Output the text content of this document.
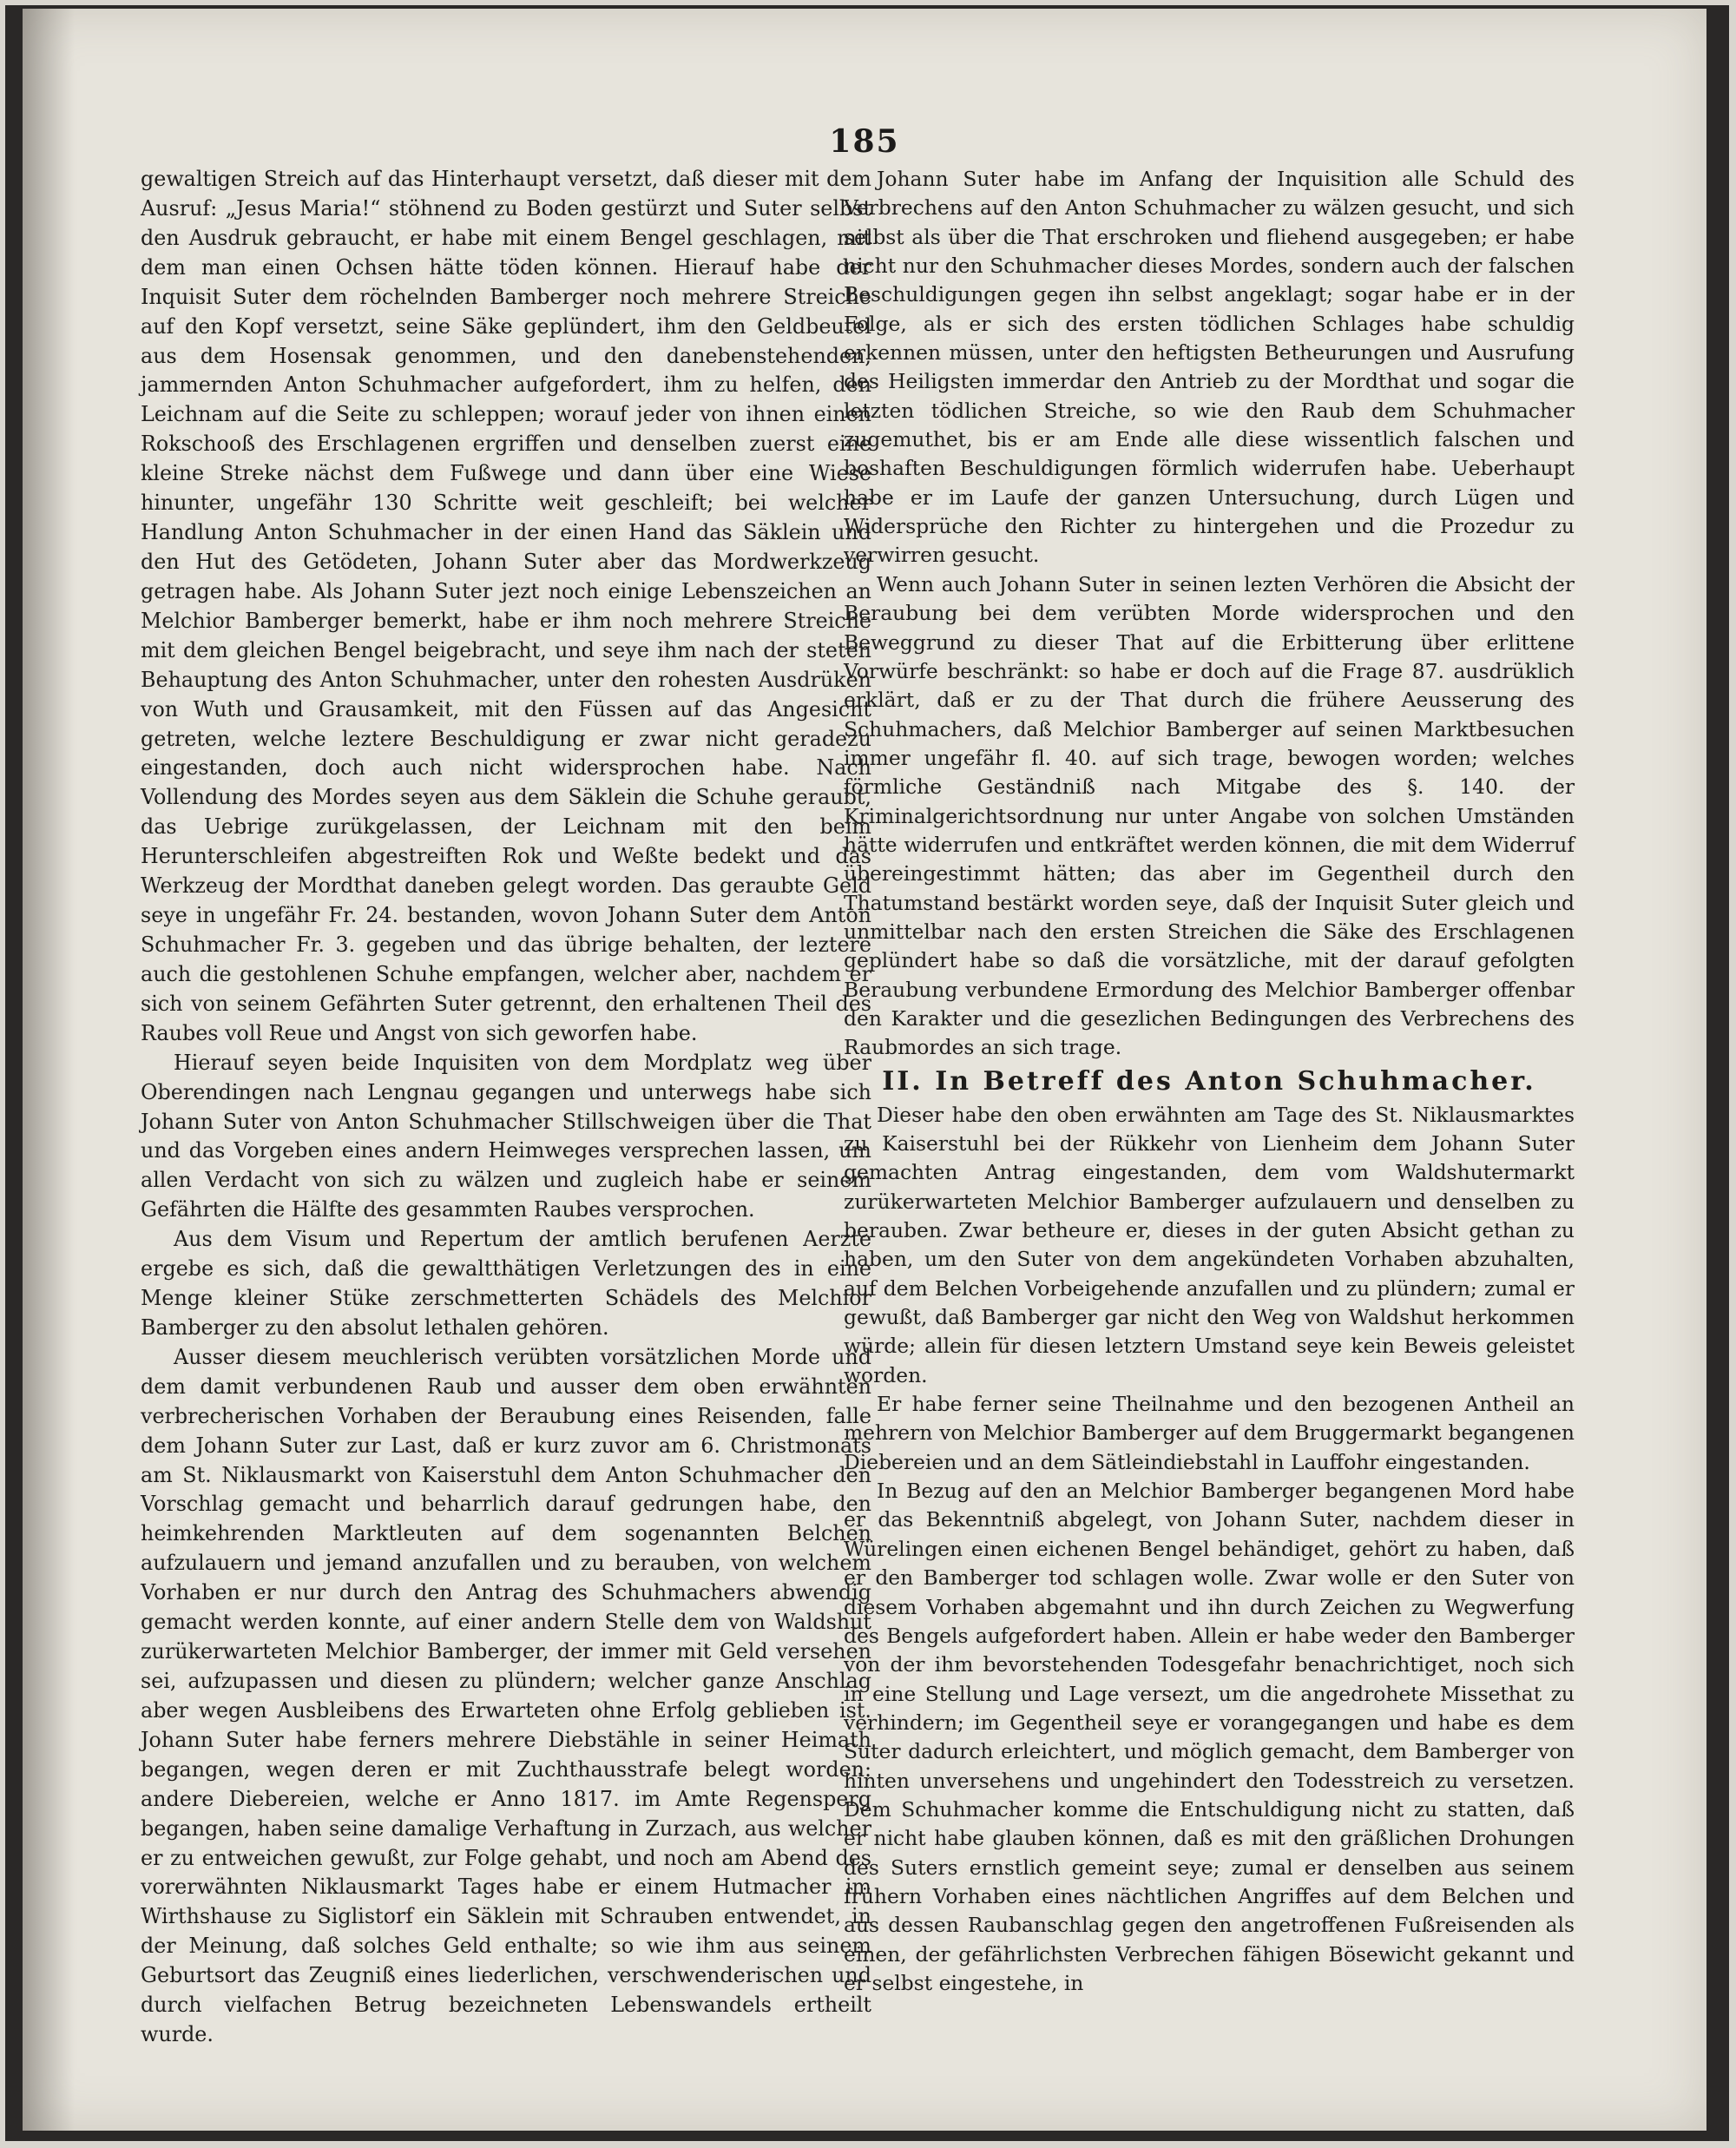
185

gewaltigen Streich auf das Hinterhaupt versetzt, daß dieser mit dem Ausruf: „Jesus Maria!“ stöhnend zu Boden gestürzt und Suter selbst den Ausdruk gebraucht, er habe mit einem Bengel geschlagen, mit dem man einen Ochsen hätte töden können. Hierauf habe der Inquisit Suter dem röchelnden Bamberger noch mehrere Streiche auf den Kopf versetzt, seine Säke geplündert, ihm den Geldbeutel aus dem Hosensak genommen, und den danebenstehenden, jammernden Anton Schuhmacher aufgefordert, ihm zu helfen, den Leichnam auf die Seite zu schleppen; worauf jeder von ihnen einen Rokschooß des Erschlagenen ergriffen und denselben zuerst eine kleine Streke nächst dem Fußwege und dann über eine Wiese hinunter, ungefähr 130 Schritte weit geschleift; bei welcher Handlung Anton Schuhmacher in der einen Hand das Säklein und den Hut des Getödeten, Johann Suter aber das Mordwerkzeug getragen habe. Als Johann Suter jezt noch einige Lebenszeichen an Melchior Bamberger bemerkt, habe er ihm noch mehrere Streiche mit dem gleichen Bengel beigebracht, und seye ihm nach der steten Behauptung des Anton Schuhmacher, unter den rohesten Ausdrüken von Wuth und Grausamkeit, mit den Füssen auf das Angesicht getreten, welche leztere Beschuldigung er zwar nicht geradezu eingestanden, doch auch nicht widersprochen habe. Nach Vollendung des Mordes seyen aus dem Säklein die Schuhe geraubt, das Uebrige zurükgelassen, der Leichnam mit den beim Herunterschleifen abgestreiften Rok und Weßte bedekt und das Werkzeug der Mordthat daneben gelegt worden. Das geraubte Geld seye in ungefähr Fr. 24. bestanden, wovon Johann Suter dem Anton Schuhmacher Fr. 3. gegeben und das übrige behalten, der leztere auch die gestohlenen Schuhe empfangen, welcher aber, nachdem er sich von seinem Gefährten Suter getrennt, den erhaltenen Theil des Raubes voll Reue und Angst von sich geworfen habe.

Hierauf seyen beide Inquisiten von dem Mordplatz weg über Oberendingen nach Lengnau gegangen und unterwegs habe sich Johann Suter von Anton Schuhmacher Stillschweigen über die That und das Vorgeben eines andern Heimweges versprechen lassen, um allen Verdacht von sich zu wälzen und zugleich habe er seinem Gefährten die Hälfte des gesammten Raubes versprochen.

Aus dem Visum und Repertum der amtlich berufenen Aerzte ergebe es sich, daß die gewaltthätigen Verletzungen des in eine Menge kleiner Stüke zerschmetterten Schädels des Melchior Bamberger zu den absolut lethalen gehören.

Ausser diesem meuchlerisch verübten vorsätzlichen Morde und dem damit verbundenen Raub und ausser dem oben erwähnten verbrecherischen Vorhaben der Beraubung eines Reisenden, falle dem Johann Suter zur Last, daß er kurz zuvor am 6. Christmonats am St. Niklausmarkt von Kaiserstuhl dem Anton Schuhmacher den Vorschlag gemacht und beharrlich darauf gedrungen habe, den heimkehrenden Marktleuten auf dem sogenannten Belchen aufzulauern und jemand anzufallen und zu berauben, von welchem Vorhaben er nur durch den Antrag des Schuhmachers abwendig gemacht werden konnte, auf einer andern Stelle dem von Waldshut zurükerwarteten Melchior Bamberger, der immer mit Geld versehen sei, aufzupassen und diesen zu plündern; welcher ganze Anschlag aber wegen Ausbleibens des Erwarteten ohne Erfolg geblieben ist. Johann Suter habe ferners mehrere Diebstähle in seiner Heimath begangen, wegen deren er mit Zuchthausstrafe belegt worden: andere Diebereien, welche er Anno 1817. im Amte Regensperg begangen, haben seine damalige Verhaftung in Zurzach, aus welcher er zu entweichen gewußt, zur Folge gehabt, und noch am Abend des vorerwähnten Niklausmarkt Tages habe er einem Hutmacher im Wirthshause zu Siglistorf ein Säklein mit Schrauben entwendet, in der Meinung, daß solches Geld enthalte; so wie ihm aus seinem Geburtsort das Zeugniß eines liederlichen, verschwenderischen und durch vielfachen Betrug bezeichneten Lebenswandels ertheilt wurde.

Johann Suter habe im Anfang der Inquisition alle Schuld des Verbrechens auf den Anton Schuhmacher zu wälzen gesucht, und sich selbst als über die That erschroken und fliehend ausgegeben; er habe nicht nur den Schuhmacher dieses Mordes, sondern auch der falschen Beschuldigungen gegen ihn selbst angeklagt; sogar habe er in der Folge, als er sich des ersten tödlichen Schlages habe schuldig erkennen müssen, unter den heftigsten Betheurungen und Ausrufung des Heiligsten immerdar den Antrieb zu der Mordthat und sogar die letzten tödlichen Streiche, so wie den Raub dem Schuhmacher zugemuthet, bis er am Ende alle diese wissentlich falschen und boshaften Beschuldigungen förmlich widerrufen habe. Ueberhaupt habe er im Laufe der ganzen Untersuchung, durch Lügen und Widersprüche den Richter zu hintergehen und die Prozedur zu verwirren gesucht.

Wenn auch Johann Suter in seinen lezten Verhören die Absicht der Beraubung bei dem verübten Morde widersprochen und den Beweggrund zu dieser That auf die Erbitterung über erlittene Vorwürfe beschränkt: so habe er doch auf die Frage 87. ausdrüklich erklärt, daß er zu der That durch die frühere Aeusserung des Schuhmachers, daß Melchior Bamberger auf seinen Marktbesuchen immer ungefähr fl. 40. auf sich trage, bewogen worden; welches förmliche Geständniß nach Mitgabe des §. 140. der Kriminalgerichtsordnung nur unter Angabe von solchen Umständen hätte widerrufen und entkräftet werden können, die mit dem Widerruf übereingestimmt hätten; das aber im Gegentheil durch den Thatumstand bestärkt worden seye, daß der Inquisit Suter gleich und unmittelbar nach den ersten Streichen die Säke des Erschlagenen geplündert habe so daß die vorsätzliche, mit der darauf gefolgten Beraubung verbundene Ermordung des Melchior Bamberger offenbar den Karakter und die gesezlichen Bedingungen des Verbrechens des Raubmordes an sich trage.

II. In Betreff des Anton Schuhmacher.

Dieser habe den oben erwähnten am Tage des St. Niklausmarktes zu Kaiserstuhl bei der Rükkehr von Lienheim dem Johann Suter gemachten Antrag eingestanden, dem vom Waldshutermarkt zurükerwarteten Melchior Bamberger aufzulauern und denselben zu berauben. Zwar betheure er, dieses in der guten Absicht gethan zu haben, um den Suter von dem angekündeten Vorhaben abzuhalten, auf dem Belchen Vorbeigehende anzufallen und zu plündern; zumal er gewußt, daß Bamberger gar nicht den Weg von Waldshut herkommen würde; allein für diesen letztern Umstand seye kein Beweis geleistet worden.

Er habe ferner seine Theilnahme und den bezogenen Antheil an mehrern von Melchior Bamberger auf dem Bruggermarkt begangenen Diebereien und an dem Sätleindiebstahl in Lauffohr eingestanden.

In Bezug auf den an Melchior Bamberger begangenen Mord habe er das Bekenntniß abgelegt, von Johann Suter, nachdem dieser in Würelingen einen eichenen Bengel behändiget, gehört zu haben, daß er den Bamberger tod schlagen wolle. Zwar wolle er den Suter von diesem Vorhaben abgemahnt und ihn durch Zeichen zu Wegwerfung des Bengels aufgefordert haben. Allein er habe weder den Bamberger von der ihm bevorstehenden Todesgefahr benachrichtiget, noch sich in eine Stellung und Lage versezt, um die angedrohete Missethat zu verhindern; im Gegentheil seye er vorangegangen und habe es dem Suter dadurch erleichtert, und möglich gemacht, dem Bamberger von hinten unversehens und ungehindert den Todesstreich zu versetzen. Dem Schuhmacher komme die Entschuldigung nicht zu statten, daß er nicht habe glauben können, daß es mit den gräßlichen Drohungen des Suters ernstlich gemeint seye; zumal er denselben aus seinem frühern Vorhaben eines nächtlichen Angriffes auf dem Belchen und aus dessen Raubanschlag gegen den angetroffenen Fußreisenden als einen, der gefährlichsten Verbrechen fähigen Bösewicht gekannt und er selbst eingestehe, in
